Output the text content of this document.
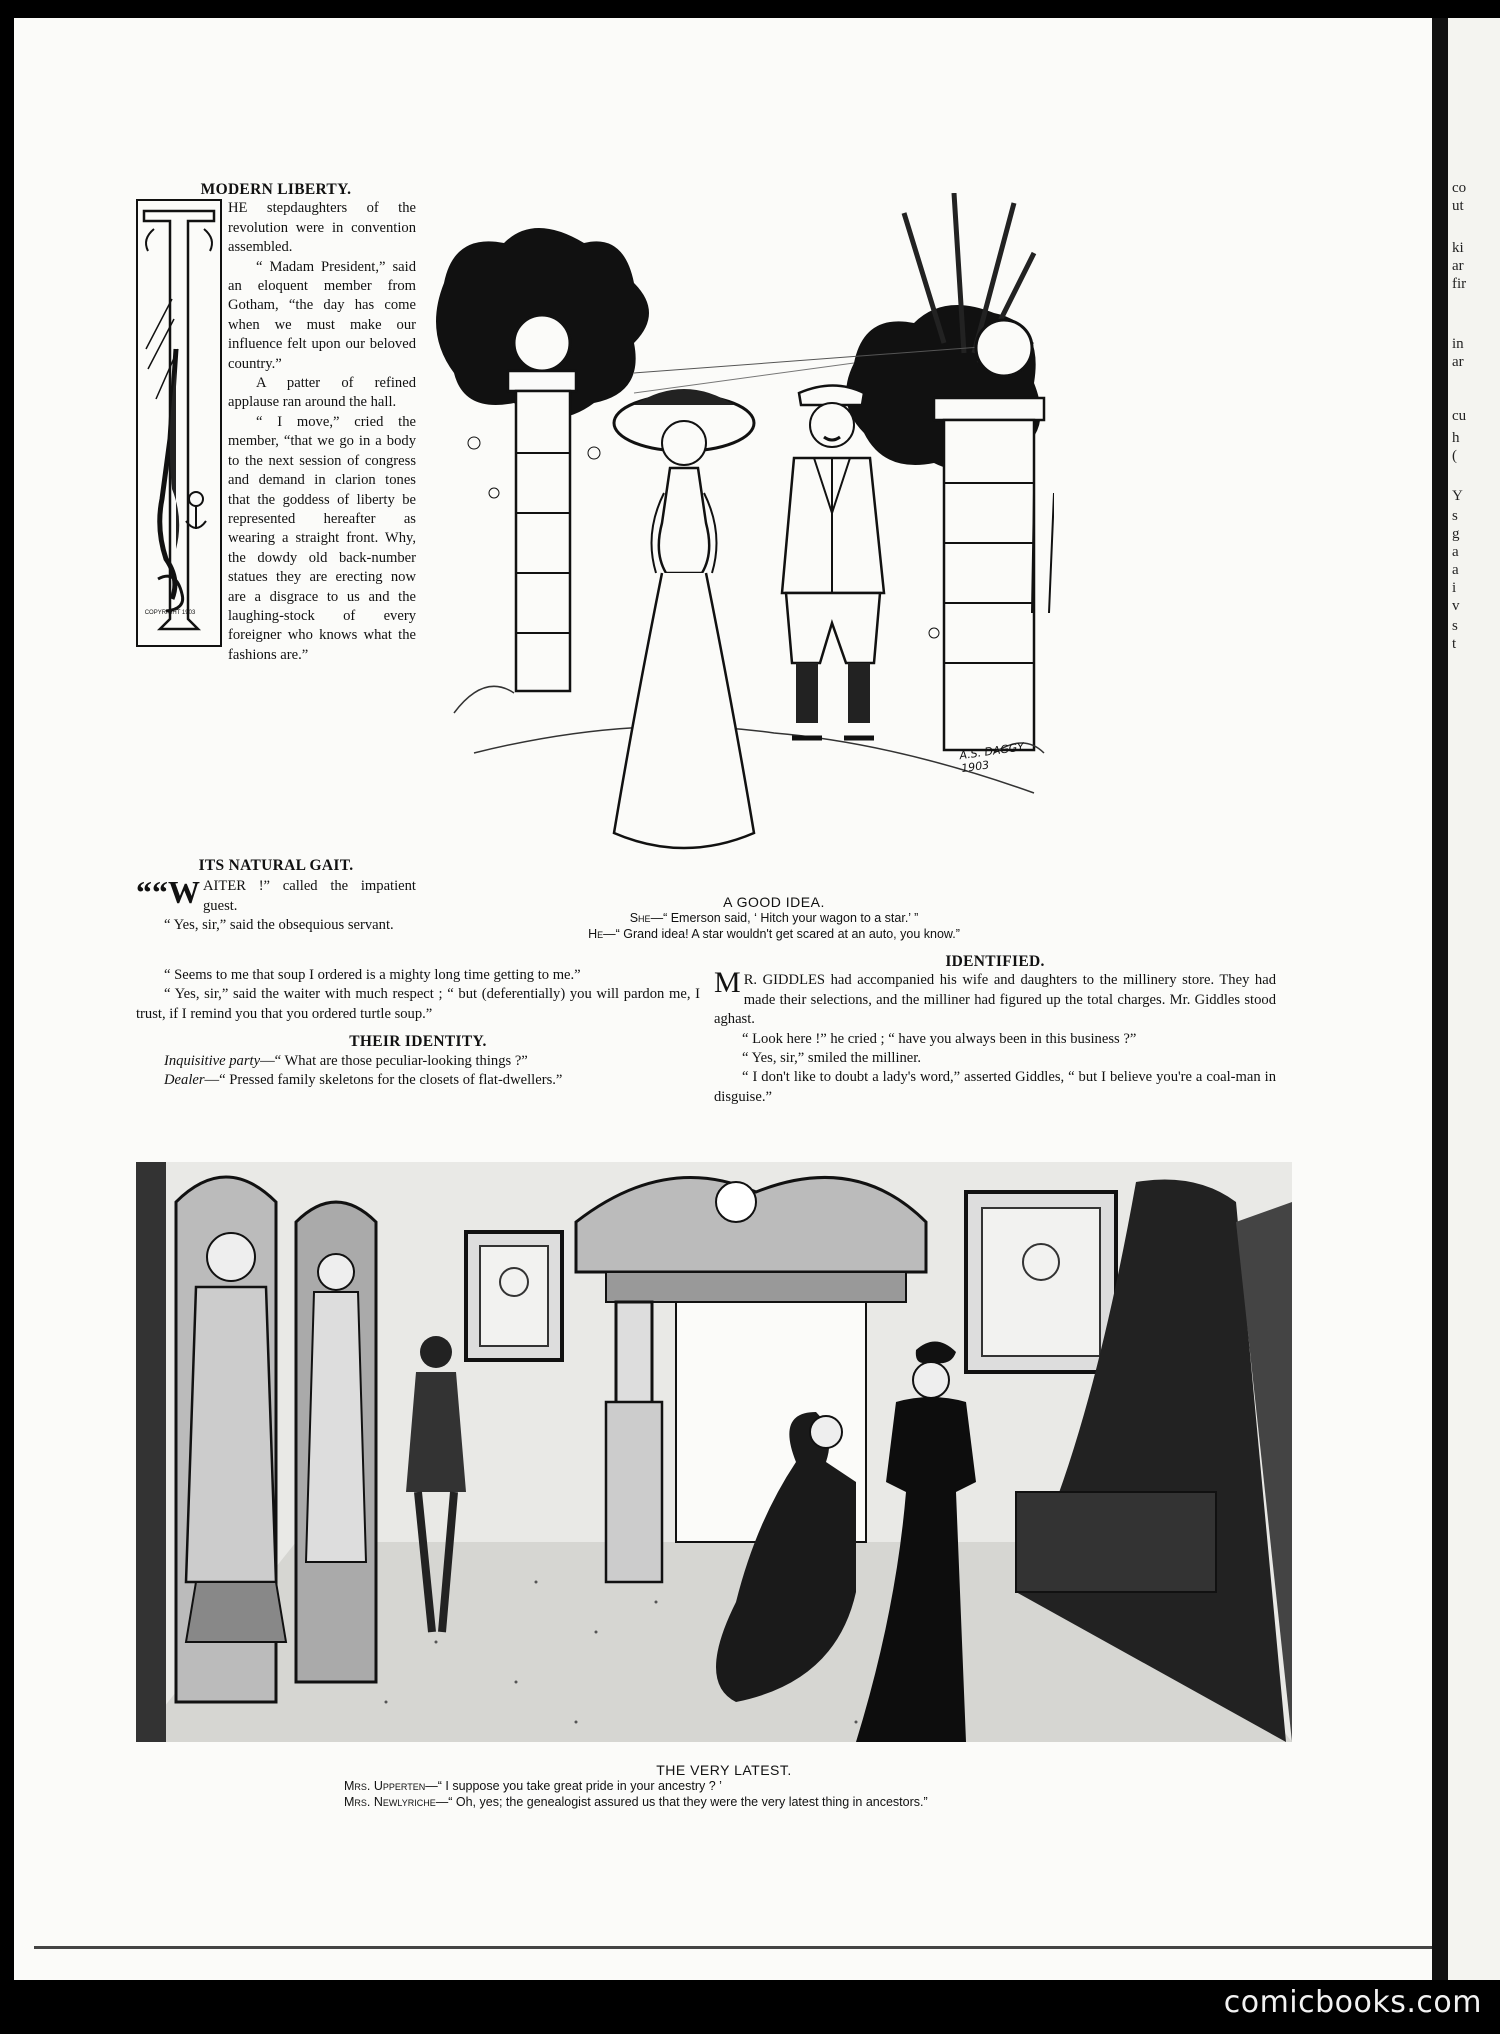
MODERN LIBERTY.

HE stepdaughters of the revolution were in convention assembled.

“ Madam President,” said an eloquent member from Gotham, “the day has come when we must make our influence felt upon our beloved country.”

A patter of refined applause ran around the hall.

“ I move,” cried the member, “that we go in a body to the next session of congress and demand in clarion tones that the goddess of liberty be represented hereafter as wearing a straight front. Why, the dowdy old back-number statues they are erecting now are a disgrace to us and the laughing-stock of every foreigner who knows what the fashions are.”

COPYRIGHT 1903
ITS NATURAL GAIT.

““W AITER !” called the impatient guest.

“ Yes, sir,” said the obsequious servant.

“ Seems to me that soup I ordered is a mighty long time getting to me.”

“ Yes, sir,” said the waiter with much respect ; “ but (deferentially) you will pardon me, I trust, if I remind you that you ordered turtle soup.”

THEIR IDENTITY.

Inquisitive party—“ What are those peculiar-looking things ?”

Dealer—“ Pressed family skeletons for the closets of flat-dwellers.”

IDENTIFIED.

M R. GIDDLES had accompanied his wife and daughters to the millinery store. They had made their selections, and the milliner had figured up the total charges. Mr. Giddles stood aghast.

“ Look here !” he cried ; “ have you always been in this business ?”

“ Yes, sir,” smiled the milliner.

“ I don't like to doubt a lady's word,” asserted Giddles, “ but I believe you're a coal-man in disguise.”

A.S. DAGGY 1903
A GOOD IDEA.
She—“ Emerson said, ‘ Hitch your wagon to a star.’ ”
He—“ Grand idea! A star wouldn't get scared at an auto, you know.”
THE VERY LATEST.
Mrs. Upperten—“ I suppose you take great pride in your ancestry ? ’
Mrs. Newlyriche—“ Oh, yes; the genealogist assured us that they were the very latest thing in ancestors.”
co
ut
ki
ar
fir
in
ar
cu
h
(
Y
s
g
a
a
i
v
s
t
comicbooks.com
